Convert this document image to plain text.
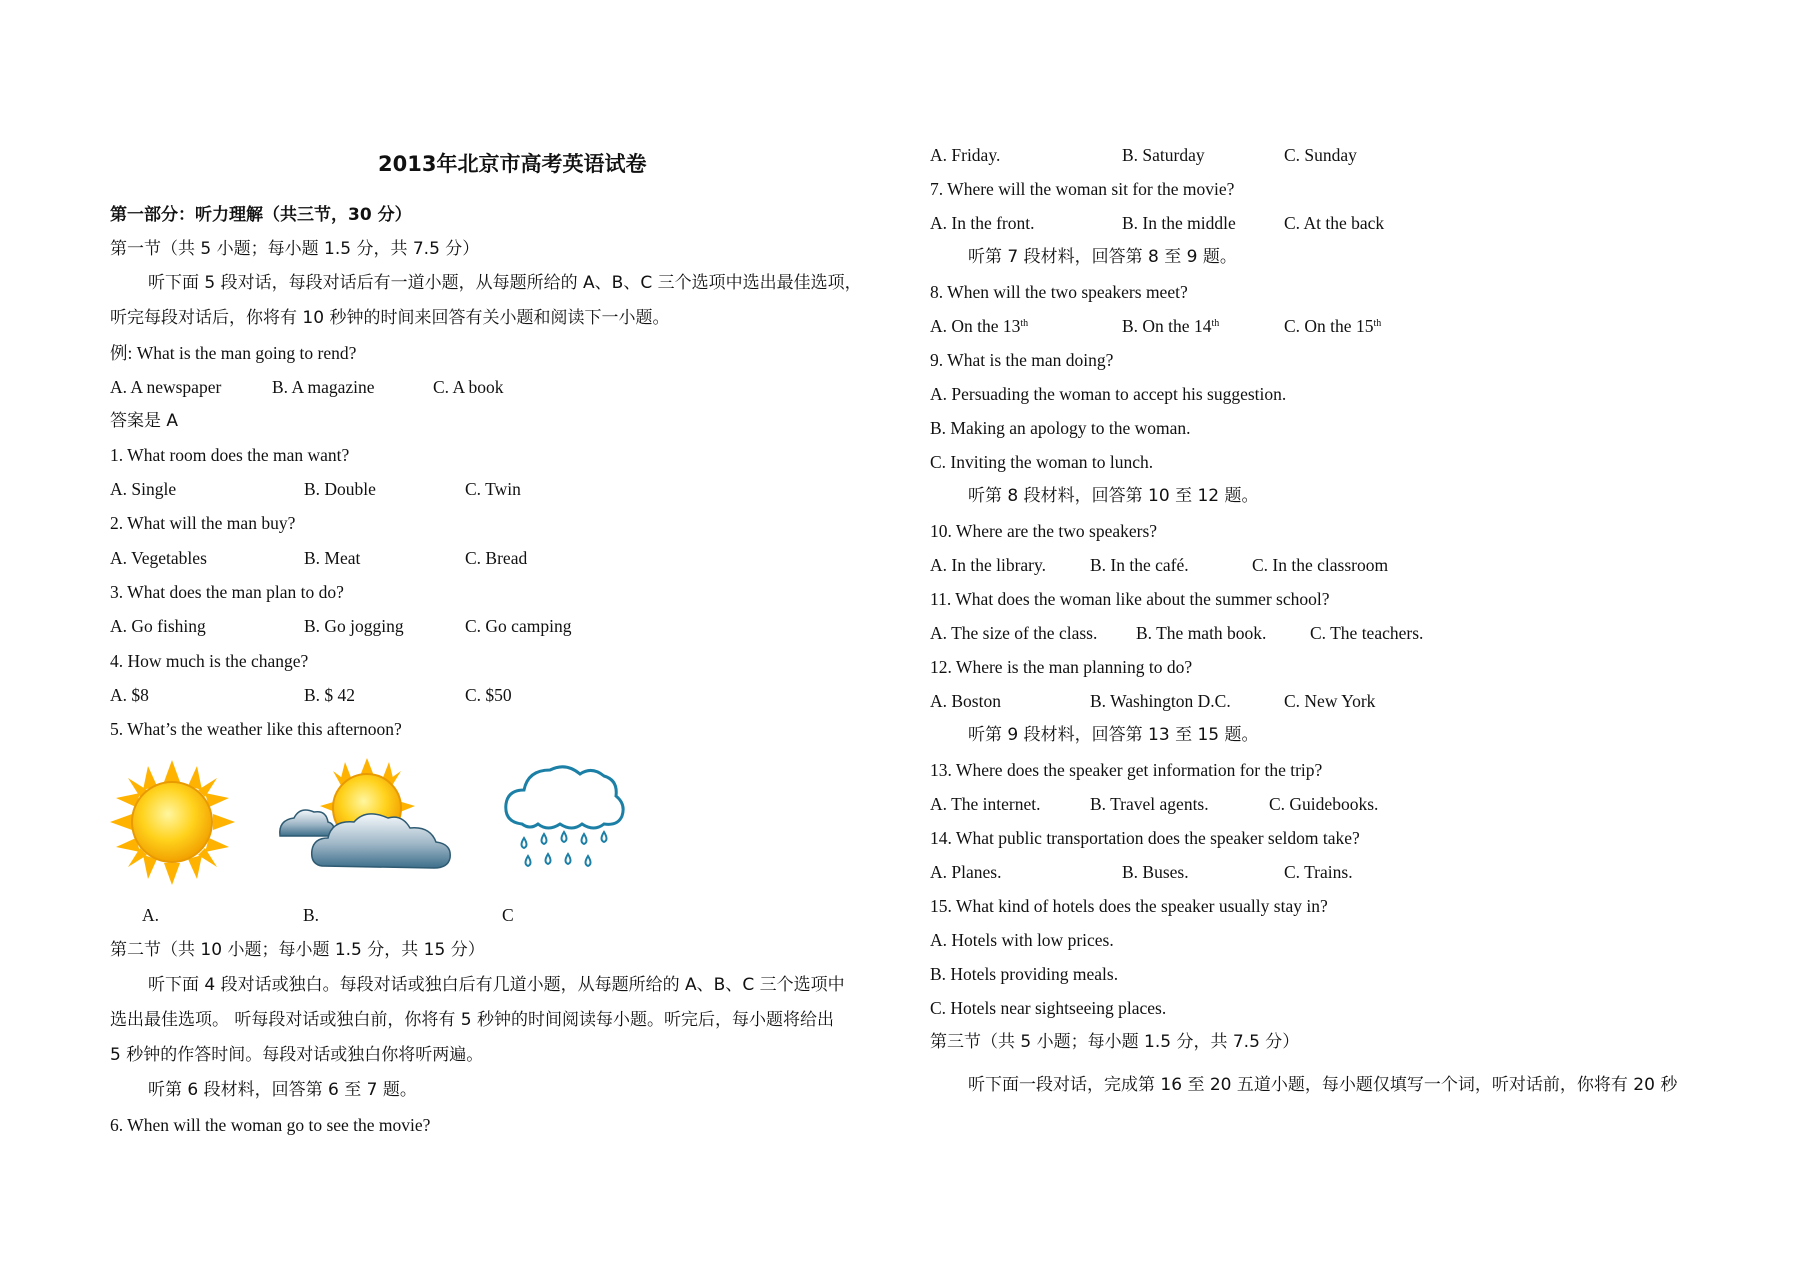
2013年北京市高考英语试卷
第一部分：听力理解（共三节，30 分）
第一节（共 5 小题；每小题 1.5 分，共 7.5 分）
听下面 5 段对话，每段对话后有一道小题，从每题所给的 A、B、C 三个选项中选出最佳选项，
听完每段对话后，你将有 10 秒钟的时间来回答有关小题和阅读下一小题。
例: What is the man going to rend?
A. A newspaper	B. A magazine	C. A book
答案是 A
1. What room does the man want?
A. Single	B. Double	C. Twin
2. What will the man buy?
A. Vegetables	B. Meat	C. Bread
3. What does the man plan to do?
A. Go fishing	B. Go jogging	C. Go camping
4. How much is the change?
A. $8	B. $ 42	C. $50
5. What’s the weather like this afternoon?
A.	B.	C
第二节（共 10 小题；每小题 1.5 分，共 15 分）
听下面 4 段对话或独白。每段对话或独白后有几道小题，从每题所给的 A、B、C 三个选项中
选出最佳选项。 听每段对话或独白前，你将有 5 秒钟的时间阅读每小题。听完后，每小题将给出
5 秒钟的作答时间。每段对话或独白你将听两遍。
听第 6 段材料，回答第 6 至 7 题。
6. When will the woman go to see the movie?
A. Friday.	B. Saturday	C. Sunday
7. Where will the woman sit for the movie?
A. In the front.	B. In the middle	C. At the back
听第 7 段材料，回答第 8 至 9 题。
8. When will the two speakers meet?
A. On the 13th	B. On the 14th	C. On the 15th
9. What is the man doing?
A. Persuading the woman to accept his suggestion.
B. Making an apology to the woman.
C. Inviting the woman to lunch.
听第 8 段材料，回答第 10 至 12 题。
10. Where are the two speakers?
A. In the library.	B. In the café.	C. In the classroom
11. What does the woman like about the summer school?
A. The size of the class. B. The math book. C. The teachers.
12. Where is the man planning to do?
A. Boston	B. Washington D.C.	C. New York
听第 9 段材料，回答第 13 至 15 题。
13. Where does the speaker get information for the trip?
A. The internet.	B. Travel agents.	C. Guidebooks.
14. What public transportation does the speaker seldom take?
A. Planes.	B. Buses.	C. Trains.
15. What kind of hotels does the speaker usually stay in?
A. Hotels with low prices.
B. Hotels providing meals.
C. Hotels near sightseeing places.
第三节（共 5 小题；每小题 1.5 分，共 7.5 分）
听下面一段对话，完成第 16 至 20 五道小题，每小题仅填写一个词，听对话前，你将有 20 秒
